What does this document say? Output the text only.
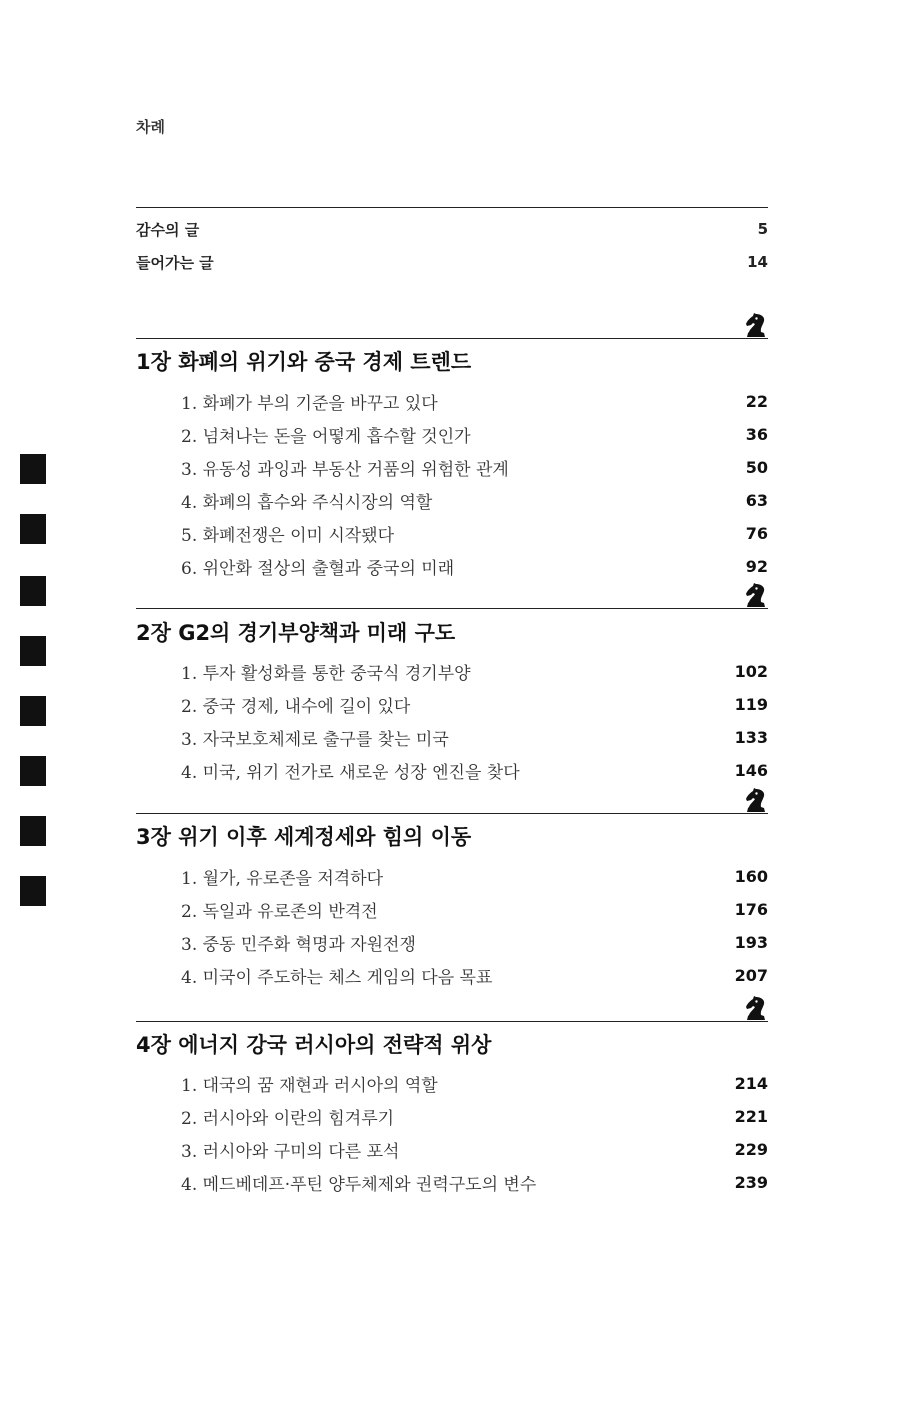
차례
감수의 글	5
들어가는 글	14
1장 화폐의 위기와 중국 경제 트렌드
1. 화폐가 부의 기준을 바꾸고 있다	22
2. 넘쳐나는 돈을 어떻게 흡수할 것인가	36
3. 유동성 과잉과 부동산 거품의 위험한 관계	50
4. 화폐의 흡수와 주식시장의 역할	63
5. 화폐전쟁은 이미 시작됐다	76
6. 위안화 절상의 출혈과 중국의 미래	92
2장 G2의 경기부양책과 미래 구도
1. 투자 활성화를 통한 중국식 경기부양	102
2. 중국 경제, 내수에 길이 있다	119
3. 자국보호체제로 출구를 찾는 미국	133
4. 미국, 위기 전가로 새로운 성장 엔진을 찾다	146
3장 위기 이후 세계정세와 힘의 이동
1. 월가, 유로존을 저격하다	160
2. 독일과 유로존의 반격전	176
3. 중동 민주화 혁명과 자원전쟁	193
4. 미국이 주도하는 체스 게임의 다음 목표	207
4장 에너지 강국 러시아의 전략적 위상
1. 대국의 꿈 재현과 러시아의 역할	214
2. 러시아와 이란의 힘겨루기	221
3. 러시아와 구미의 다른 포석	229
4. 메드베데프·푸틴 양두체제와 권력구도의 변수	239
